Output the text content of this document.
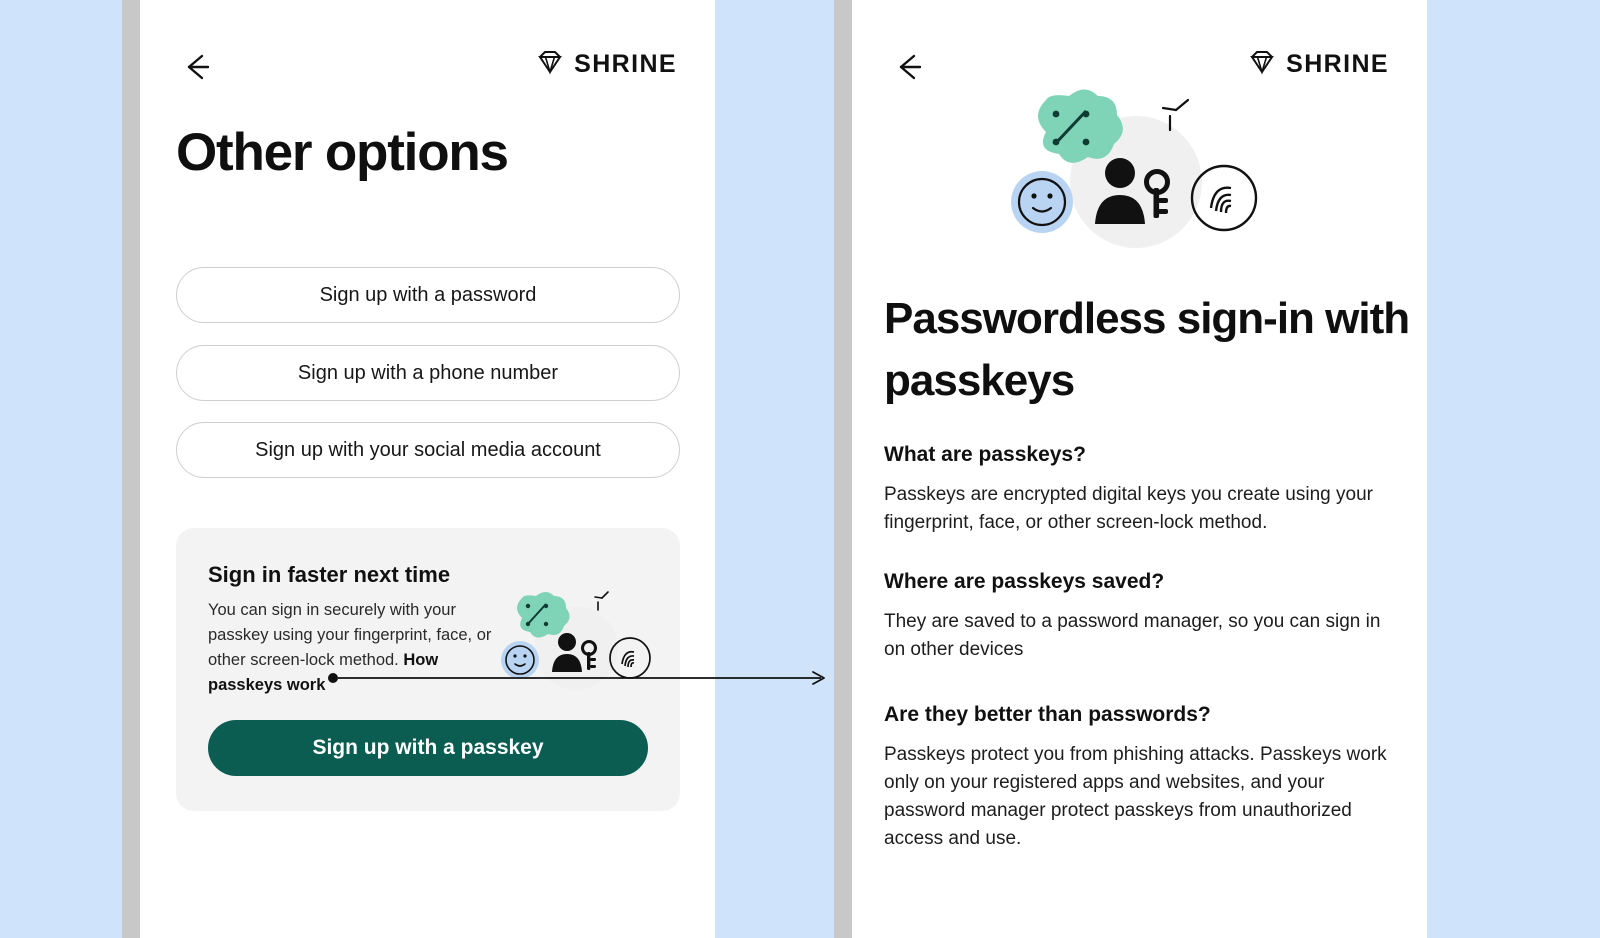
SHRINE
Other options
Sign up with a password
Sign up with a phone number
Sign up with your social media account
Sign in faster next time
You can sign in securely with your passkey using your fingerprint, face, or other screen-lock method. How passkeys work
Sign up with a passkey
SHRINE
Passwordless sign-in with passkeys
What are passkeys?
Passkeys are encrypted digital keys you create using your fingerprint, face, or other screen-lock method.
Where are passkeys saved?
They are saved to a password manager, so you can sign in on other devices
Are they better than passwords?
Passkeys protect you from phishing attacks. Passkeys work only on your registered apps and websites, and your password manager protect passkeys from unauthorized access and use.
